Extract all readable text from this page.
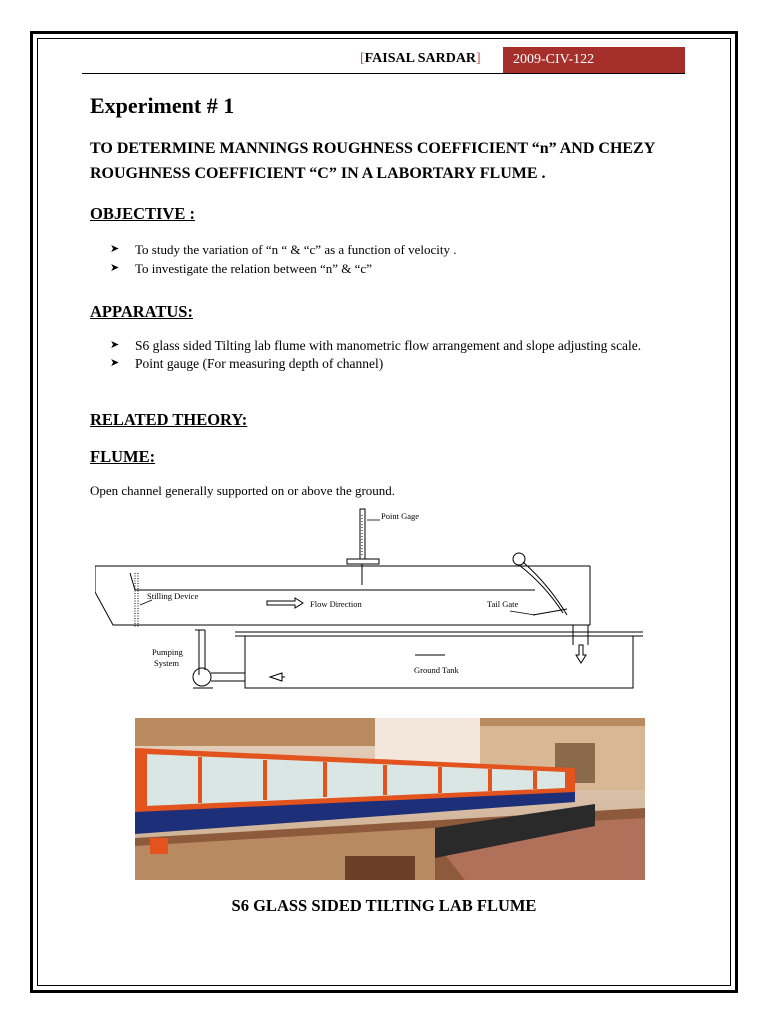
[FAISAL SARDAR]	2009-CIV-122
Experiment # 1

TO DETERMINE MANNINGS ROUGHNESS COEFFICIENT “n” AND CHEZY ROUGHNESS COEFFICIENT “C” IN A LABORTARY FLUME .

OBJECTIVE :
➤ To study the variation of “n “ & “c” as a function of velocity .
➤ To investigate the relation between “n” & “c”
APPARATUS:
➤ S6 glass sided Tilting lab flume with manometric flow arrangement and slope adjusting scale.
➤ Point gauge (For measuring depth of channel)
RELATED THEORY:
FLUME:

Open channel generally supported on or above the ground.

Point Gage
Stilling Device
Flow Direction	Tail Gate
Pumping
System
Ground Tank

S6 GLASS SIDED TILTING LAB FLUME
